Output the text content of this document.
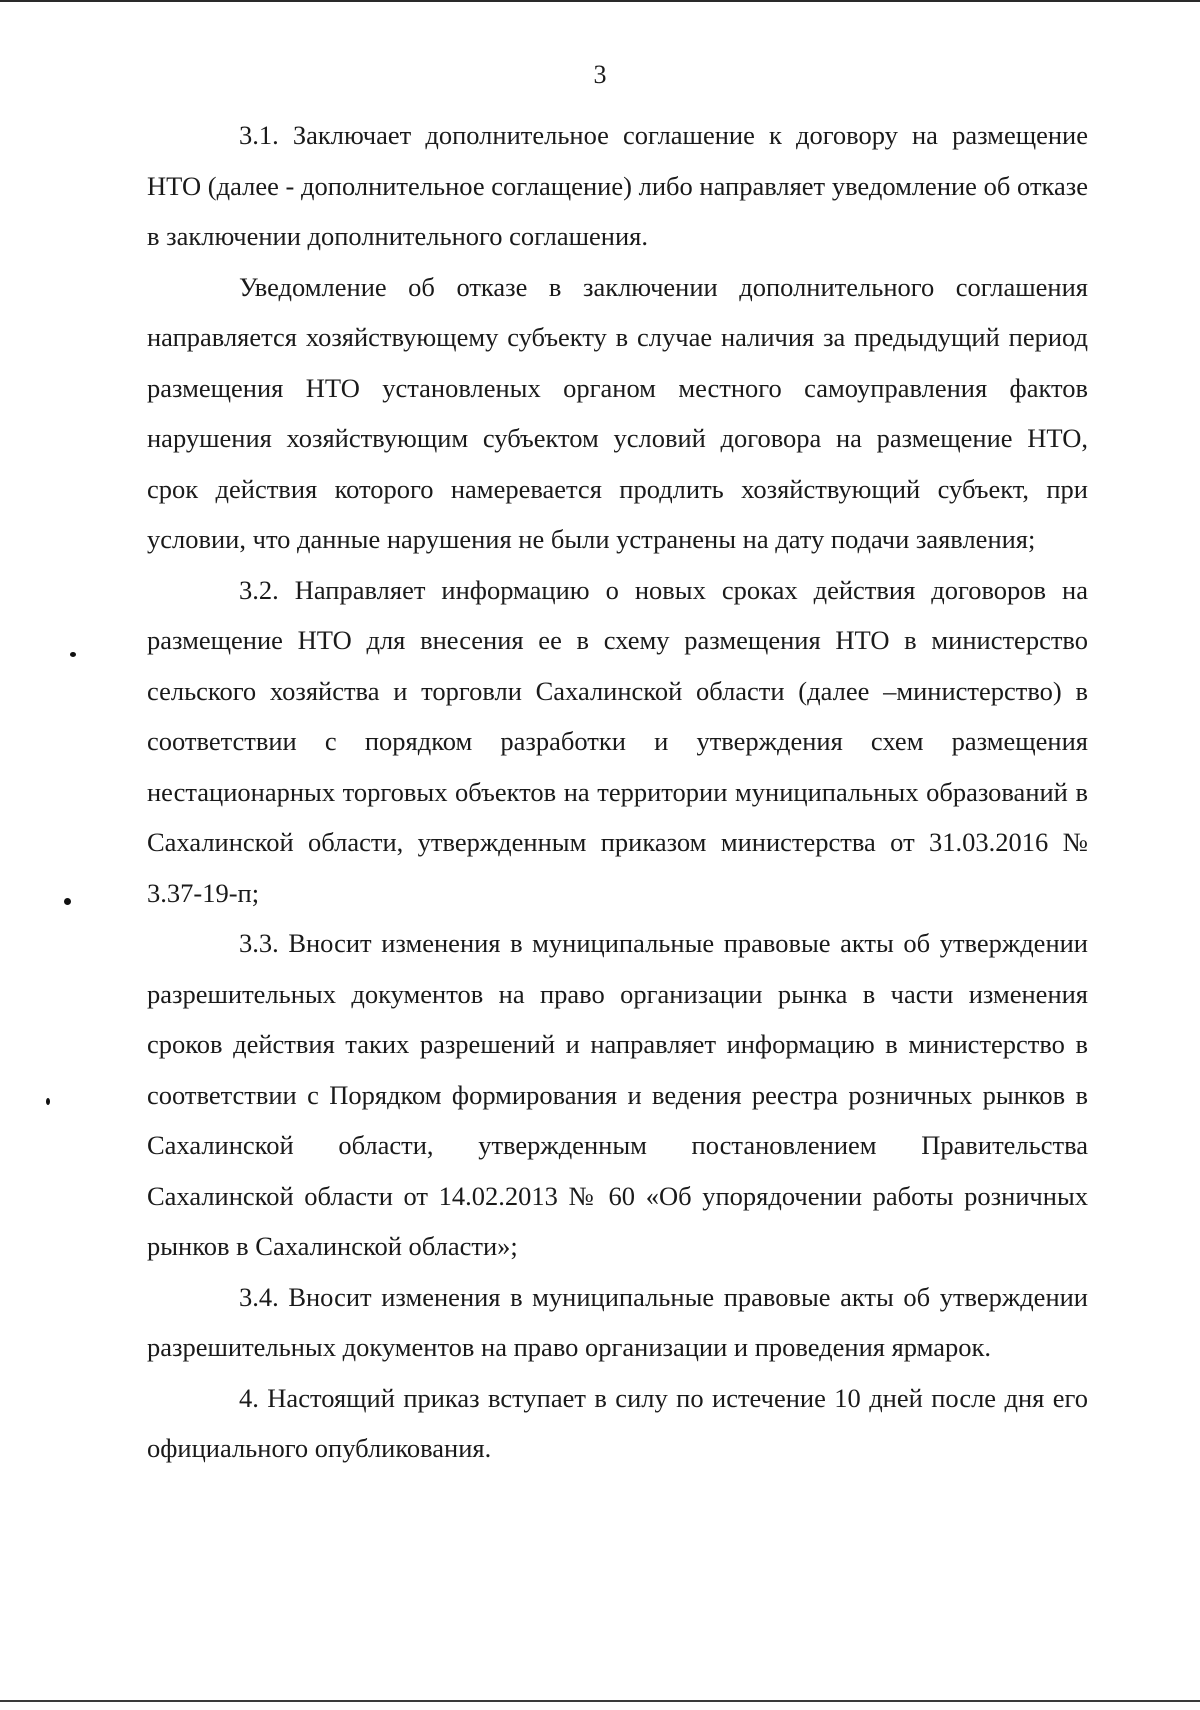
3

3.1. Заключает дополнительное соглашение к договору на размещение НТО (далее - дополнительное соглащение) либо направляет уведомление об отказе в заключении дополнительного соглашения.

Уведомление об отказе в заключении дополнительного соглашения направляется хозяйствующему субъекту в случае наличия за предыдущий период размещения НТО установленых органом местного самоуправления фактов нарушения хозяйствующим субъектом условий договора на размещение НТО, срок действия которого намеревается продлить хозяйствующий субъект, при условии, что данные нарушения не были устранены на дату подачи заявления;

3.2. Направляет информацию о новых сроках действия договоров на размещение НТО для внесения ее в схему размещения НТО в министерство сельского хозяйства и торговли Сахалинской области (далее –министерство) в соответствии с порядком разработки и утверждения схем размещения нестационарных торговых объектов на территории муниципальных образований в Сахалинской области, утвержденным приказом министерства от 31.03.2016 № 3.37-19-п;

3.3. Вносит изменения в муниципальные правовые акты об утверждении разрешительных документов на право организации рынка в части изменения сроков действия таких разрешений и направляет информацию в министерство в соответствии с Порядком формирования и ведения реестра розничных рынков в Сахалинской области, утвержденным постановлением Правительства Сахалинской области от 14.02.2013 № 60 «Об упорядочении работы розничных рынков в Сахалинской области»;

3.4. Вносит изменения в муниципальные правовые акты об утверждении разрешительных документов на право организации и проведения ярмарок.

4. Настоящий приказ вступает в силу по истечение 10 дней после дня его официального опубликования.
